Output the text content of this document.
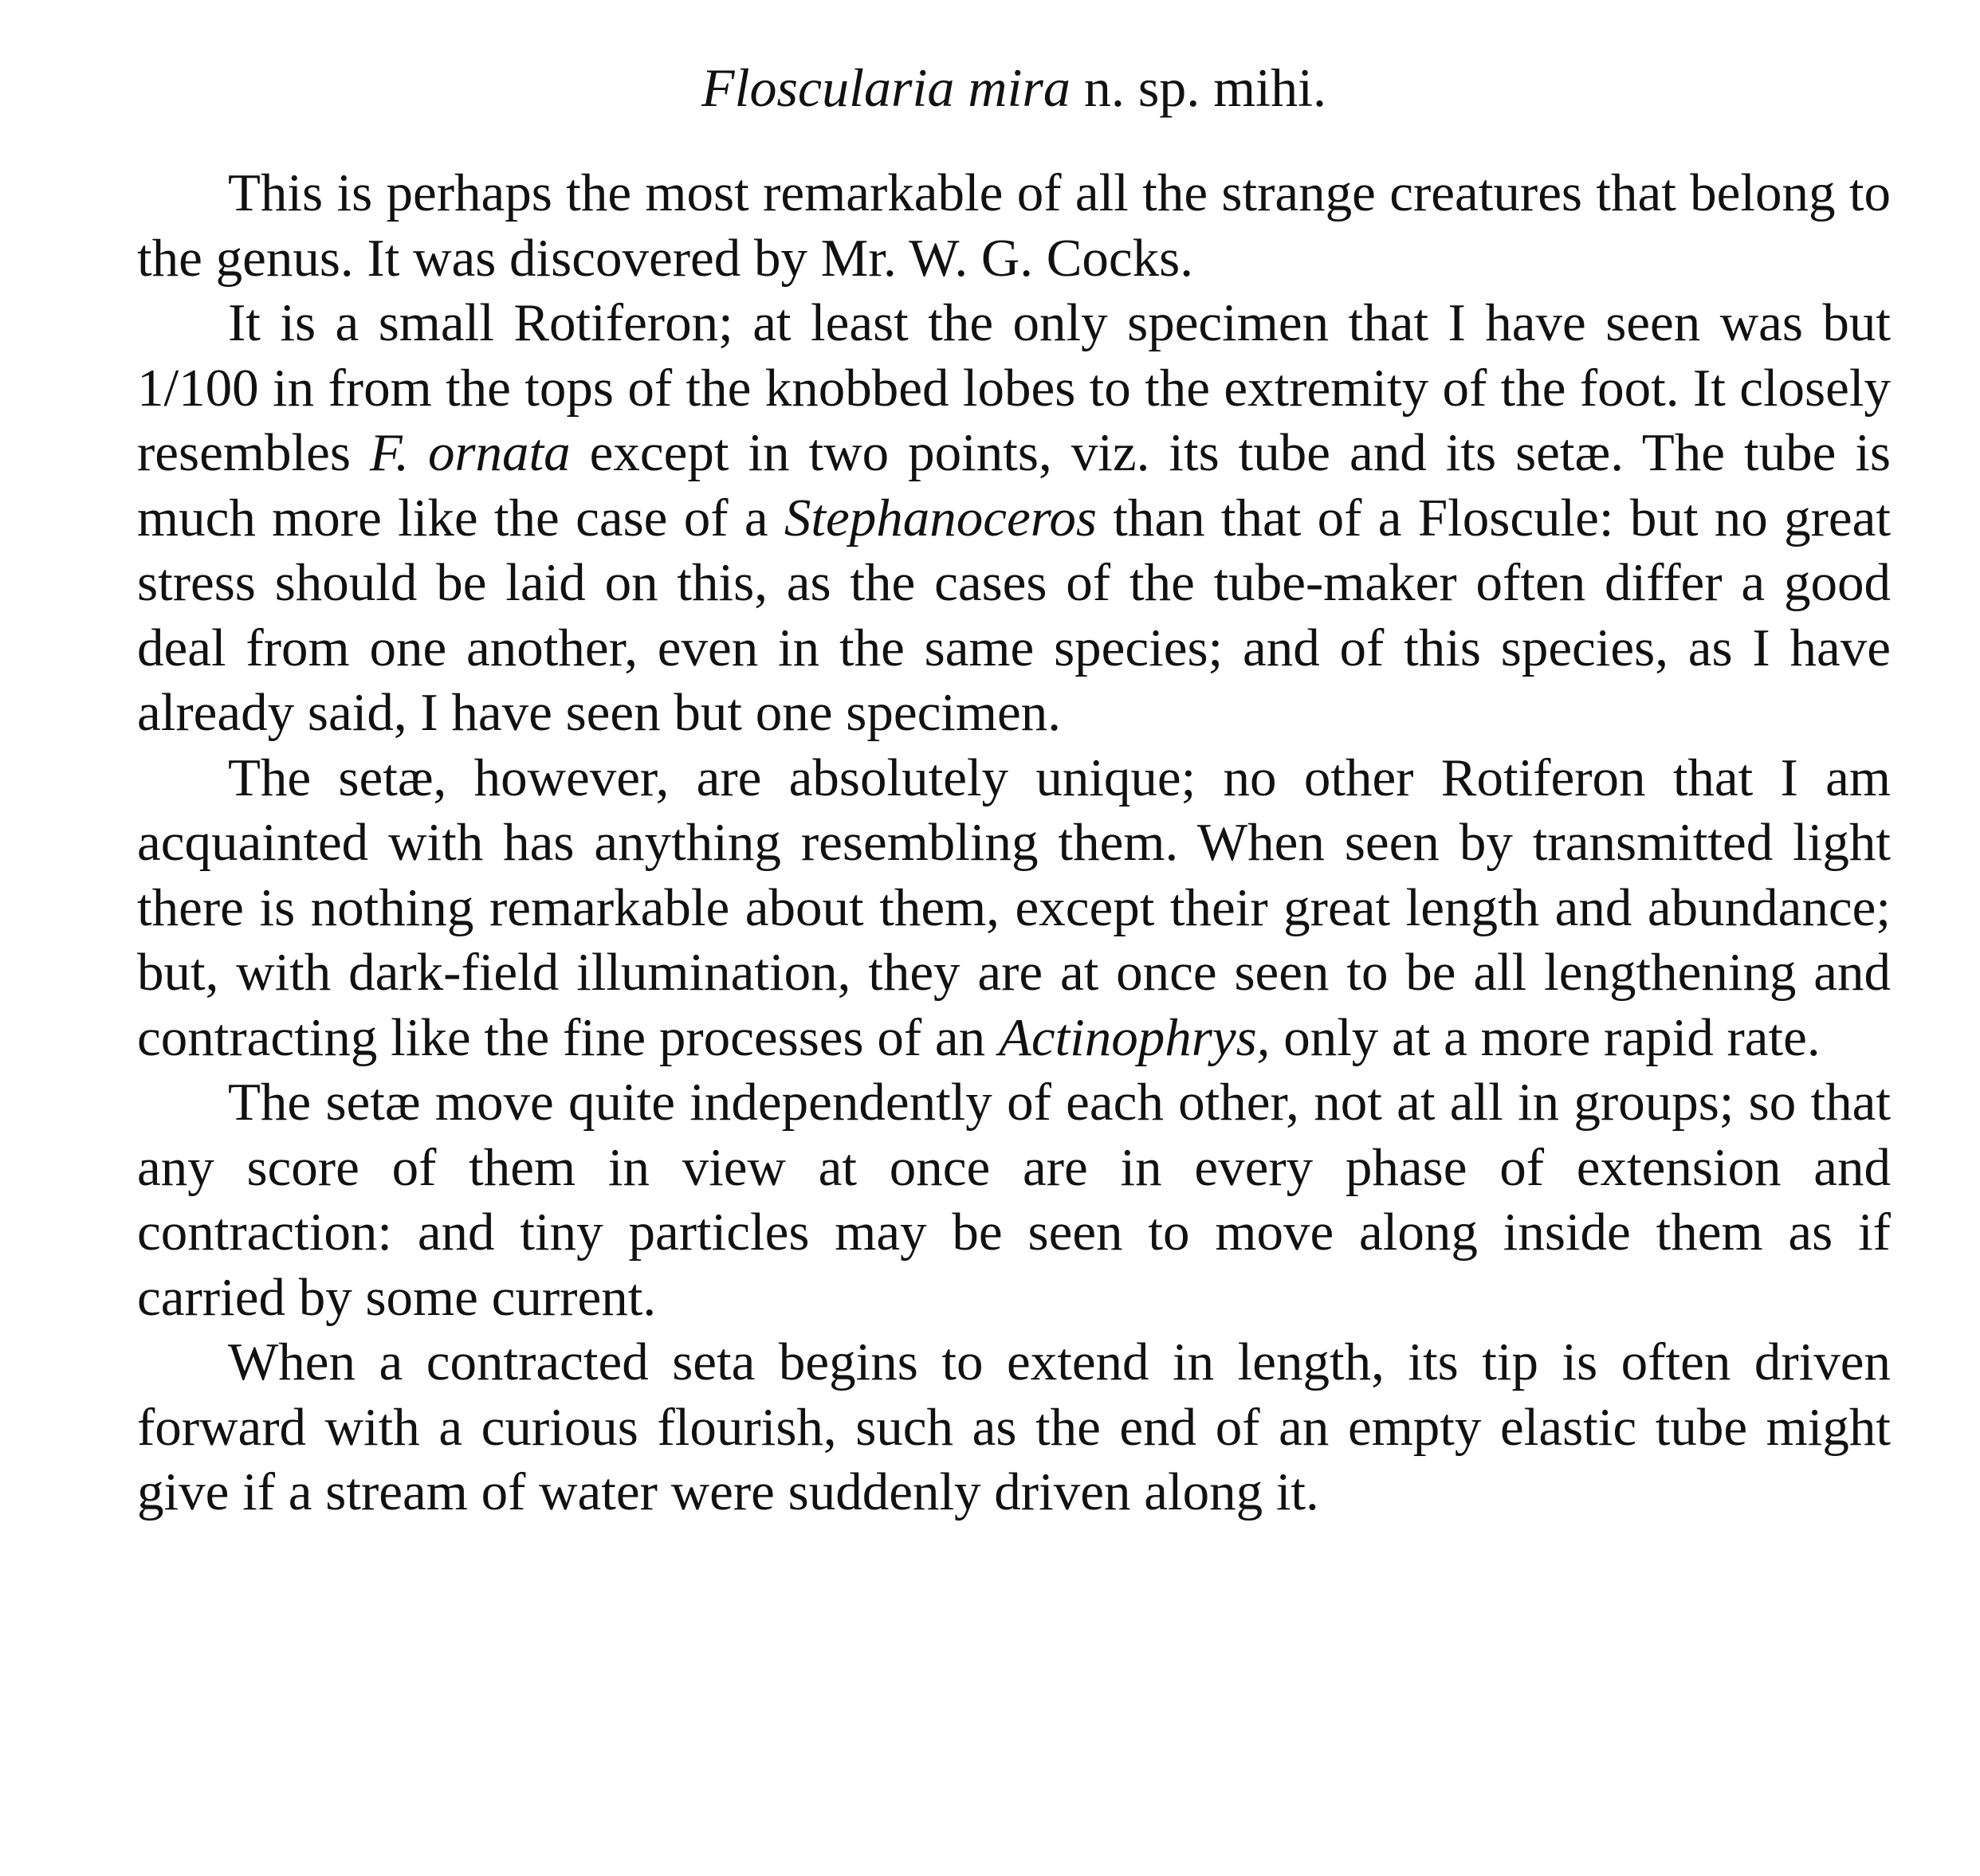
Floscularia mira n. sp. mihi.

This is perhaps the most remarkable of all the strange creatures that belong to the genus. It was discovered by Mr. W. G. Cocks.

It is a small Rotiferon; at least the only specimen that I have seen was but 1/100 in from the tops of the knobbed lobes to the extremity of the foot. It closely resembles F. ornata except in two points, viz. its tube and its setæ. The tube is much more like the case of a Stephanoceros than that of a Floscule: but no great stress should be laid on this, as the cases of the tube-maker often differ a good deal from one another, even in the same species; and of this species, as I have already said, I have seen but one specimen.

The setæ, however, are absolutely unique; no other Rotiferon that I am acquainted with has anything resembling them. When seen by transmitted light there is nothing remarkable about them, except their great length and abundance; but, with dark-field illumination, they are at once seen to be all lengthening and contracting like the fine processes of an Actinophrys, only at a more rapid rate.

The setæ move quite independently of each other, not at all in groups; so that any score of them in view at once are in every phase of extension and contraction: and tiny particles may be seen to move along inside them as if carried by some current.

When a contracted seta begins to extend in length, its tip is often driven forward with a curious flourish, such as the end of an empty elastic tube might give if a stream of water were suddenly driven along it.
